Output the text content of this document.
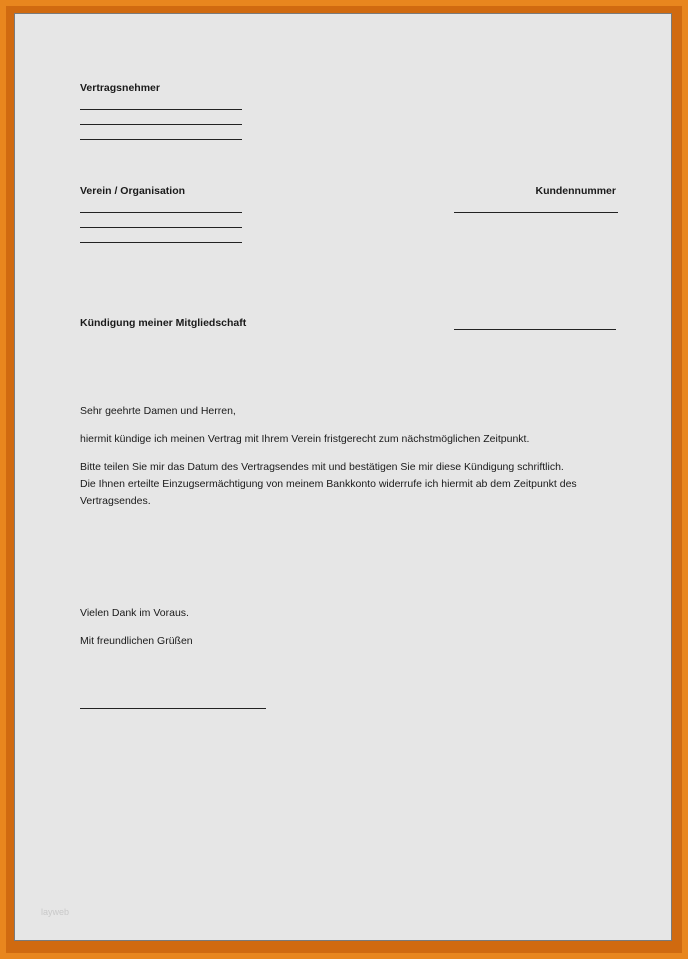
Vertragsnehmer
Verein / Organisation	Kundennummer
Kündigung meiner Mitgliedschaft
Sehr geehrte Damen und Herren,
hiermit kündige ich meinen Vertrag mit Ihrem Verein fristgerecht zum nächstmöglichen Zeitpunkt.
Bitte teilen Sie mir das Datum des Vertragsendes mit und bestätigen Sie mir diese Kündigung schriftlich.
Die Ihnen erteilte Einzugsermächtigung von meinem Bankkonto widerrufe ich hiermit ab dem Zeitpunkt des Vertragsendes.
Vielen Dank im Voraus.
Mit freundlichen Grüßen
layweb
